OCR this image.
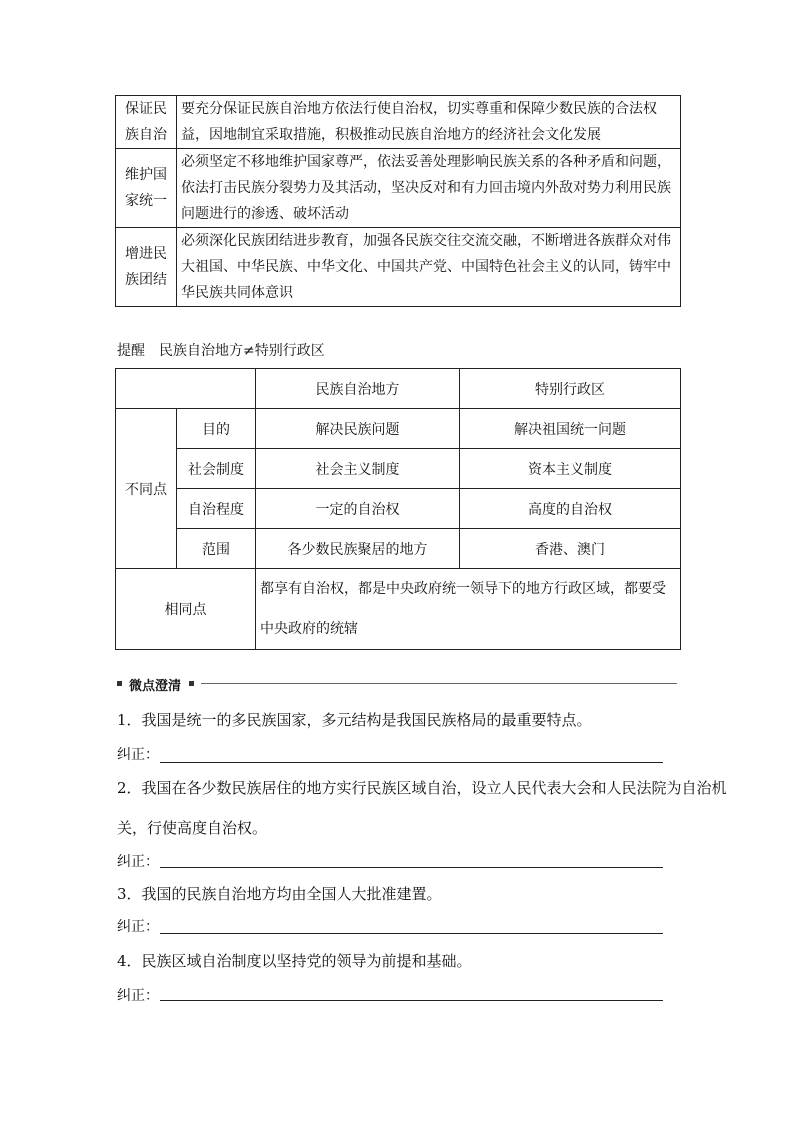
保证民
族自治	要充分保证民族自治地方依法行使自治权，切实尊重和保障少数民族的合法权益，因地制宜采取措施，积极推动民族自治地方的经济社会文化发展

维护国
家统一	必须坚定不移地维护国家尊严，依法妥善处理影响民族关系的各种矛盾和问题，依法打击民族分裂势力及其活动，坚决反对和有力回击境内外敌对势力利用民族问题进行的渗透、破坏活动

增进民
族团结	必须深化民族团结进步教育，加强各民族交往交流交融，不断增进各族群众对伟大祖国、中华民族、中华文化、中国共产党、中国特色社会主义的认同，铸牢中华民族共同体意识
提醒 民族自治地方≠特别行政区
		民族自治地方	特别行政区
不同点	目的	解决民族问题	解决祖国统一问题
	社会制度	社会主义制度	资本主义制度
	自治程度	一定的自治权	高度的自治权
	范围	各少数民族聚居的地方	香港、澳门
相同点		都享有自治权，都是中央政府统一领导下的地方行政区域，都要受中央政府的统辖	
微点澄清
1．我国是统一的多民族国家，多元结构是我国民族格局的最重要特点。
纠正：
2．我国在各少数民族居住的地方实行民族区域自治，设立人民代表大会和人民法院为自治机
关，行使高度自治权。
纠正：
3．我国的民族自治地方均由全国人大批准建置。
纠正：
4．民族区域自治制度以坚持党的领导为前提和基础。
纠正：
